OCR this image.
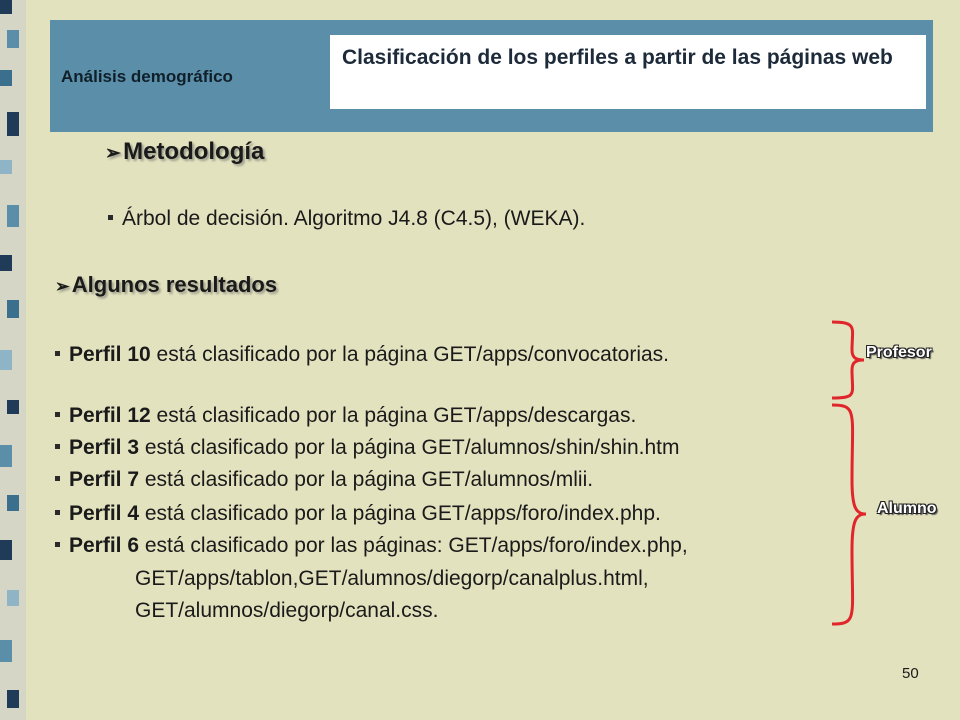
Análisis demográfico
Clasificación de los perfiles a partir de las páginas web
➢Metodología
Árbol de decisión. Algoritmo J4.8 (C4.5), (WEKA).
➢Algunos resultados
Perfil 10 está clasificado por la página GET/apps/convocatorias.
Perfil 12 está clasificado por la página GET/apps/descargas.
Perfil 3 está clasificado por la página GET/alumnos/shin/shin.htm
Perfil 7 está clasificado por la página GET/alumnos/mlii.
Perfil 4 está clasificado por la página GET/apps/foro/index.php.
Perfil 6 está clasificado por las páginas: GET/apps/foro/index.php,
GET/apps/tablon,GET/alumnos/diegorp/canalplus.html,
GET/alumnos/diegorp/canal.css.
Profesor
Alumno
50
